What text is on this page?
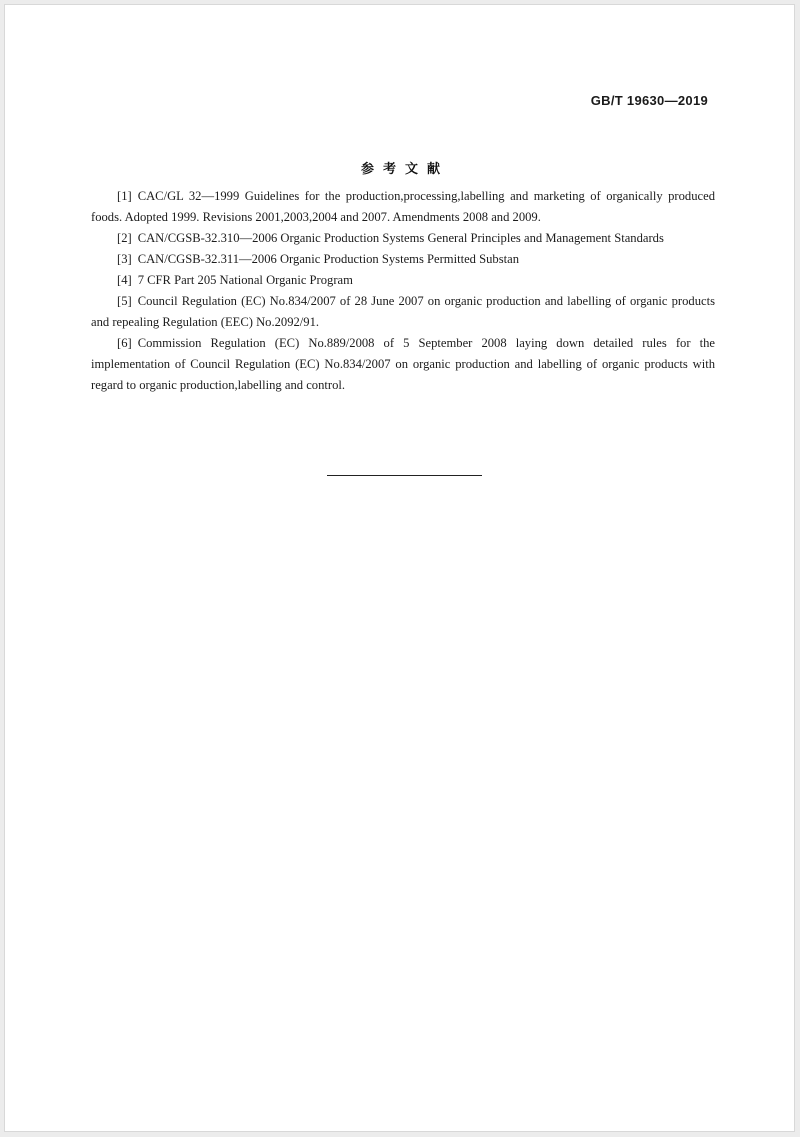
GB/T 19630—2019
参考文献

[1] CAC/GL 32—1999 Guidelines for the production,processing,labelling and marketing of organically produced foods. Adopted 1999. Revisions 2001,2003,2004 and 2007. Amendments 2008 and 2009.

[2] CAN/CGSB-32.310—2006 Organic Production Systems General Principles and Management Standards

[3] CAN/CGSB-32.311—2006 Organic Production Systems Permitted Substan

[4] 7 CFR Part 205 National Organic Program

[5] Council Regulation (EC) No.834/2007 of 28 June 2007 on organic production and labelling of organic products and repealing Regulation (EEC) No.2092/91.

[6] Commission Regulation (EC) No.889/2008 of 5 September 2008 laying down detailed rules for the implementation of Council Regulation (EC) No.834/2007 on organic production and labelling of organic products with regard to organic production,labelling and control.
